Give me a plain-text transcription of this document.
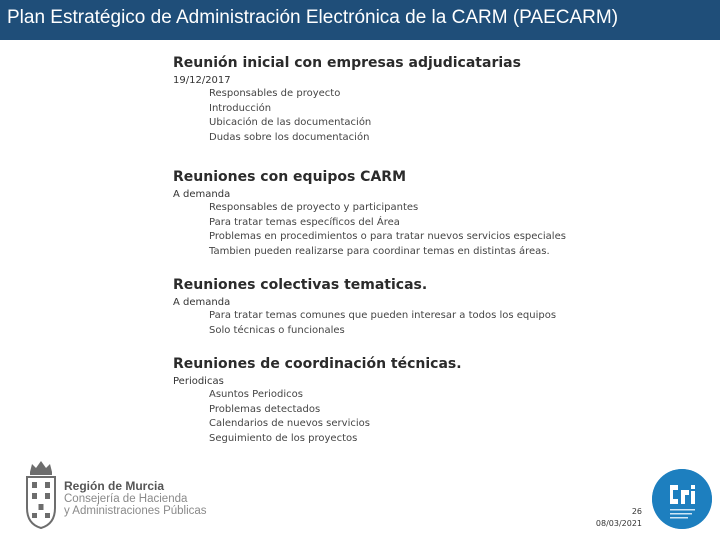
Plan Estratégico de Administración Electrónica de la CARM (PAECARM)
Reunión inicial con empresas adjudicatarias
19/12/2017
Responsables de proyecto
Introducción
Ubicación de las documentación
Dudas sobre los documentación
Reuniones con equipos CARM
A demanda
Responsables de proyecto y participantes
Para tratar temas específicos del Área
Problemas en procedimientos o para tratar nuevos servicios especiales
Tambien pueden realizarse para coordinar temas en distintas áreas.
Reuniones colectivas tematicas.
A demanda
Para tratar temas comunes que pueden interesar a todos los equipos
Solo técnicas o funcionales
Reuniones de coordinación técnicas.
Periodicas
Asuntos Periodicos
Problemas detectados
Calendarios de nuevos servicios
Seguimiento de los proyectos
Región de Murcia
Consejería de Hacienda
y Administraciones Públicas	26
08/03/2021
